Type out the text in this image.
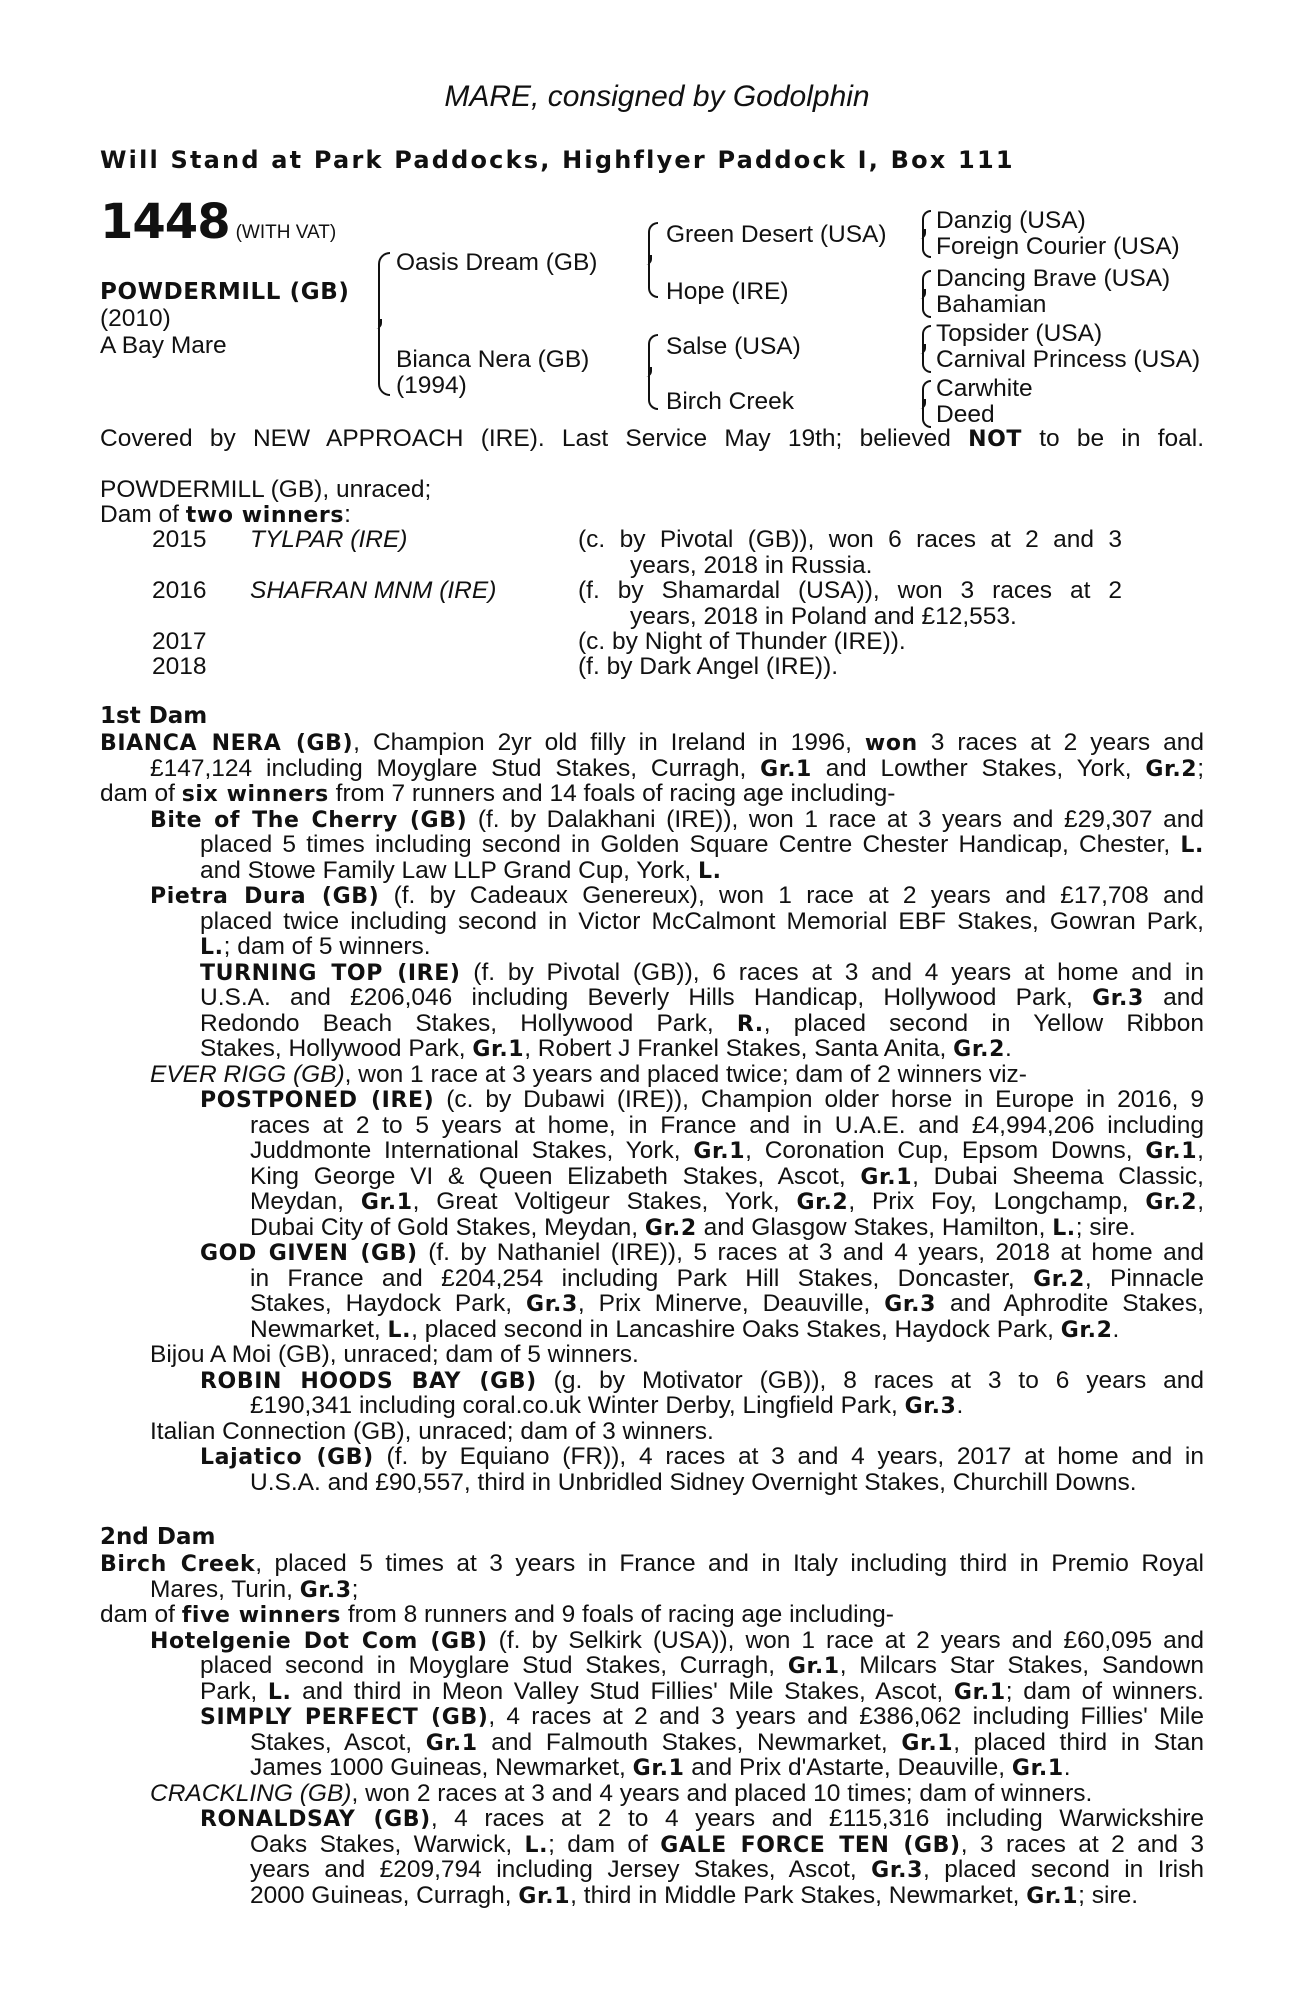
MARE, consigned by Godolphin
Will Stand at Park Paddocks, Highflyer Paddock I, Box 111
1448 (WITH VAT)
POWDERMILL (GB)
(2010)
A Bay Mare
Oasis Dream (GB)
Bianca Nera (GB)
(1994)
Green Desert (USA)
Hope (IRE)
Salse (USA)
Birch Creek
Danzig (USA)
Foreign Courier (USA)
Dancing Brave (USA)
Bahamian
Topsider (USA)
Carnival Princess (USA)
Carwhite
Deed
Covered by NEW APPROACH (IRE). Last Service May 19th; believed NOT to be in foal.
POWDERMILL (GB), unraced;
Dam of two winners:
2015 TYLPAR (IRE)	(c. by Pivotal (GB)), won 6 races at 2 and 3
years, 2018 in Russia.
2016 SHAFRAN MNM (IRE)	(f. by Shamardal (USA)), won 3 races at 2
years, 2018 in Poland and £12,553.
2017	(c. by Night of Thunder (IRE)).
2018	(f. by Dark Angel (IRE)).
1st Dam
BIANCA NERA (GB), Champion 2yr old filly in Ireland in 1996, won 3 races at 2 years and
£147,124 including Moyglare Stud Stakes, Curragh, Gr.1 and Lowther Stakes, York, Gr.2;
dam of six winners from 7 runners and 14 foals of racing age including-
Bite of The Cherry (GB) (f. by Dalakhani (IRE)), won 1 race at 3 years and £29,307 and
placed 5 times including second in Golden Square Centre Chester Handicap, Chester, L.
and Stowe Family Law LLP Grand Cup, York, L.
Pietra Dura (GB) (f. by Cadeaux Genereux), won 1 race at 2 years and £17,708 and
placed twice including second in Victor McCalmont Memorial EBF Stakes, Gowran Park,
L.; dam of 5 winners.
TURNING TOP (IRE) (f. by Pivotal (GB)), 6 races at 3 and 4 years at home and in
U.S.A. and £206,046 including Beverly Hills Handicap, Hollywood Park, Gr.3 and
Redondo Beach Stakes, Hollywood Park, R., placed second in Yellow Ribbon
Stakes, Hollywood Park, Gr.1, Robert J Frankel Stakes, Santa Anita, Gr.2.
EVER RIGG (GB), won 1 race at 3 years and placed twice; dam of 2 winners viz-
POSTPONED (IRE) (c. by Dubawi (IRE)), Champion older horse in Europe in 2016, 9
races at 2 to 5 years at home, in France and in U.A.E. and £4,994,206 including
Juddmonte International Stakes, York, Gr.1, Coronation Cup, Epsom Downs, Gr.1,
King George VI & Queen Elizabeth Stakes, Ascot, Gr.1, Dubai Sheema Classic,
Meydan, Gr.1, Great Voltigeur Stakes, York, Gr.2, Prix Foy, Longchamp, Gr.2,
Dubai City of Gold Stakes, Meydan, Gr.2 and Glasgow Stakes, Hamilton, L.; sire.
GOD GIVEN (GB) (f. by Nathaniel (IRE)), 5 races at 3 and 4 years, 2018 at home and
in France and £204,254 including Park Hill Stakes, Doncaster, Gr.2, Pinnacle
Stakes, Haydock Park, Gr.3, Prix Minerve, Deauville, Gr.3 and Aphrodite Stakes,
Newmarket, L., placed second in Lancashire Oaks Stakes, Haydock Park, Gr.2.
Bijou A Moi (GB), unraced; dam of 5 winners.
ROBIN HOODS BAY (GB) (g. by Motivator (GB)), 8 races at 3 to 6 years and
£190,341 including coral.co.uk Winter Derby, Lingfield Park, Gr.3.
Italian Connection (GB), unraced; dam of 3 winners.
Lajatico (GB) (f. by Equiano (FR)), 4 races at 3 and 4 years, 2017 at home and in
U.S.A. and £90,557, third in Unbridled Sidney Overnight Stakes, Churchill Downs.
2nd Dam
Birch Creek, placed 5 times at 3 years in France and in Italy including third in Premio Royal
Mares, Turin, Gr.3;
dam of five winners from 8 runners and 9 foals of racing age including-
Hotelgenie Dot Com (GB) (f. by Selkirk (USA)), won 1 race at 2 years and £60,095 and
placed second in Moyglare Stud Stakes, Curragh, Gr.1, Milcars Star Stakes, Sandown
Park, L. and third in Meon Valley Stud Fillies' Mile Stakes, Ascot, Gr.1; dam of winners.
SIMPLY PERFECT (GB), 4 races at 2 and 3 years and £386,062 including Fillies' Mile
Stakes, Ascot, Gr.1 and Falmouth Stakes, Newmarket, Gr.1, placed third in Stan
James 1000 Guineas, Newmarket, Gr.1 and Prix d'Astarte, Deauville, Gr.1.
CRACKLING (GB), won 2 races at 3 and 4 years and placed 10 times; dam of winners.
RONALDSAY (GB), 4 races at 2 to 4 years and £115,316 including Warwickshire
Oaks Stakes, Warwick, L.; dam of GALE FORCE TEN (GB), 3 races at 2 and 3
years and £209,794 including Jersey Stakes, Ascot, Gr.3, placed second in Irish
2000 Guineas, Curragh, Gr.1, third in Middle Park Stakes, Newmarket, Gr.1; sire.
